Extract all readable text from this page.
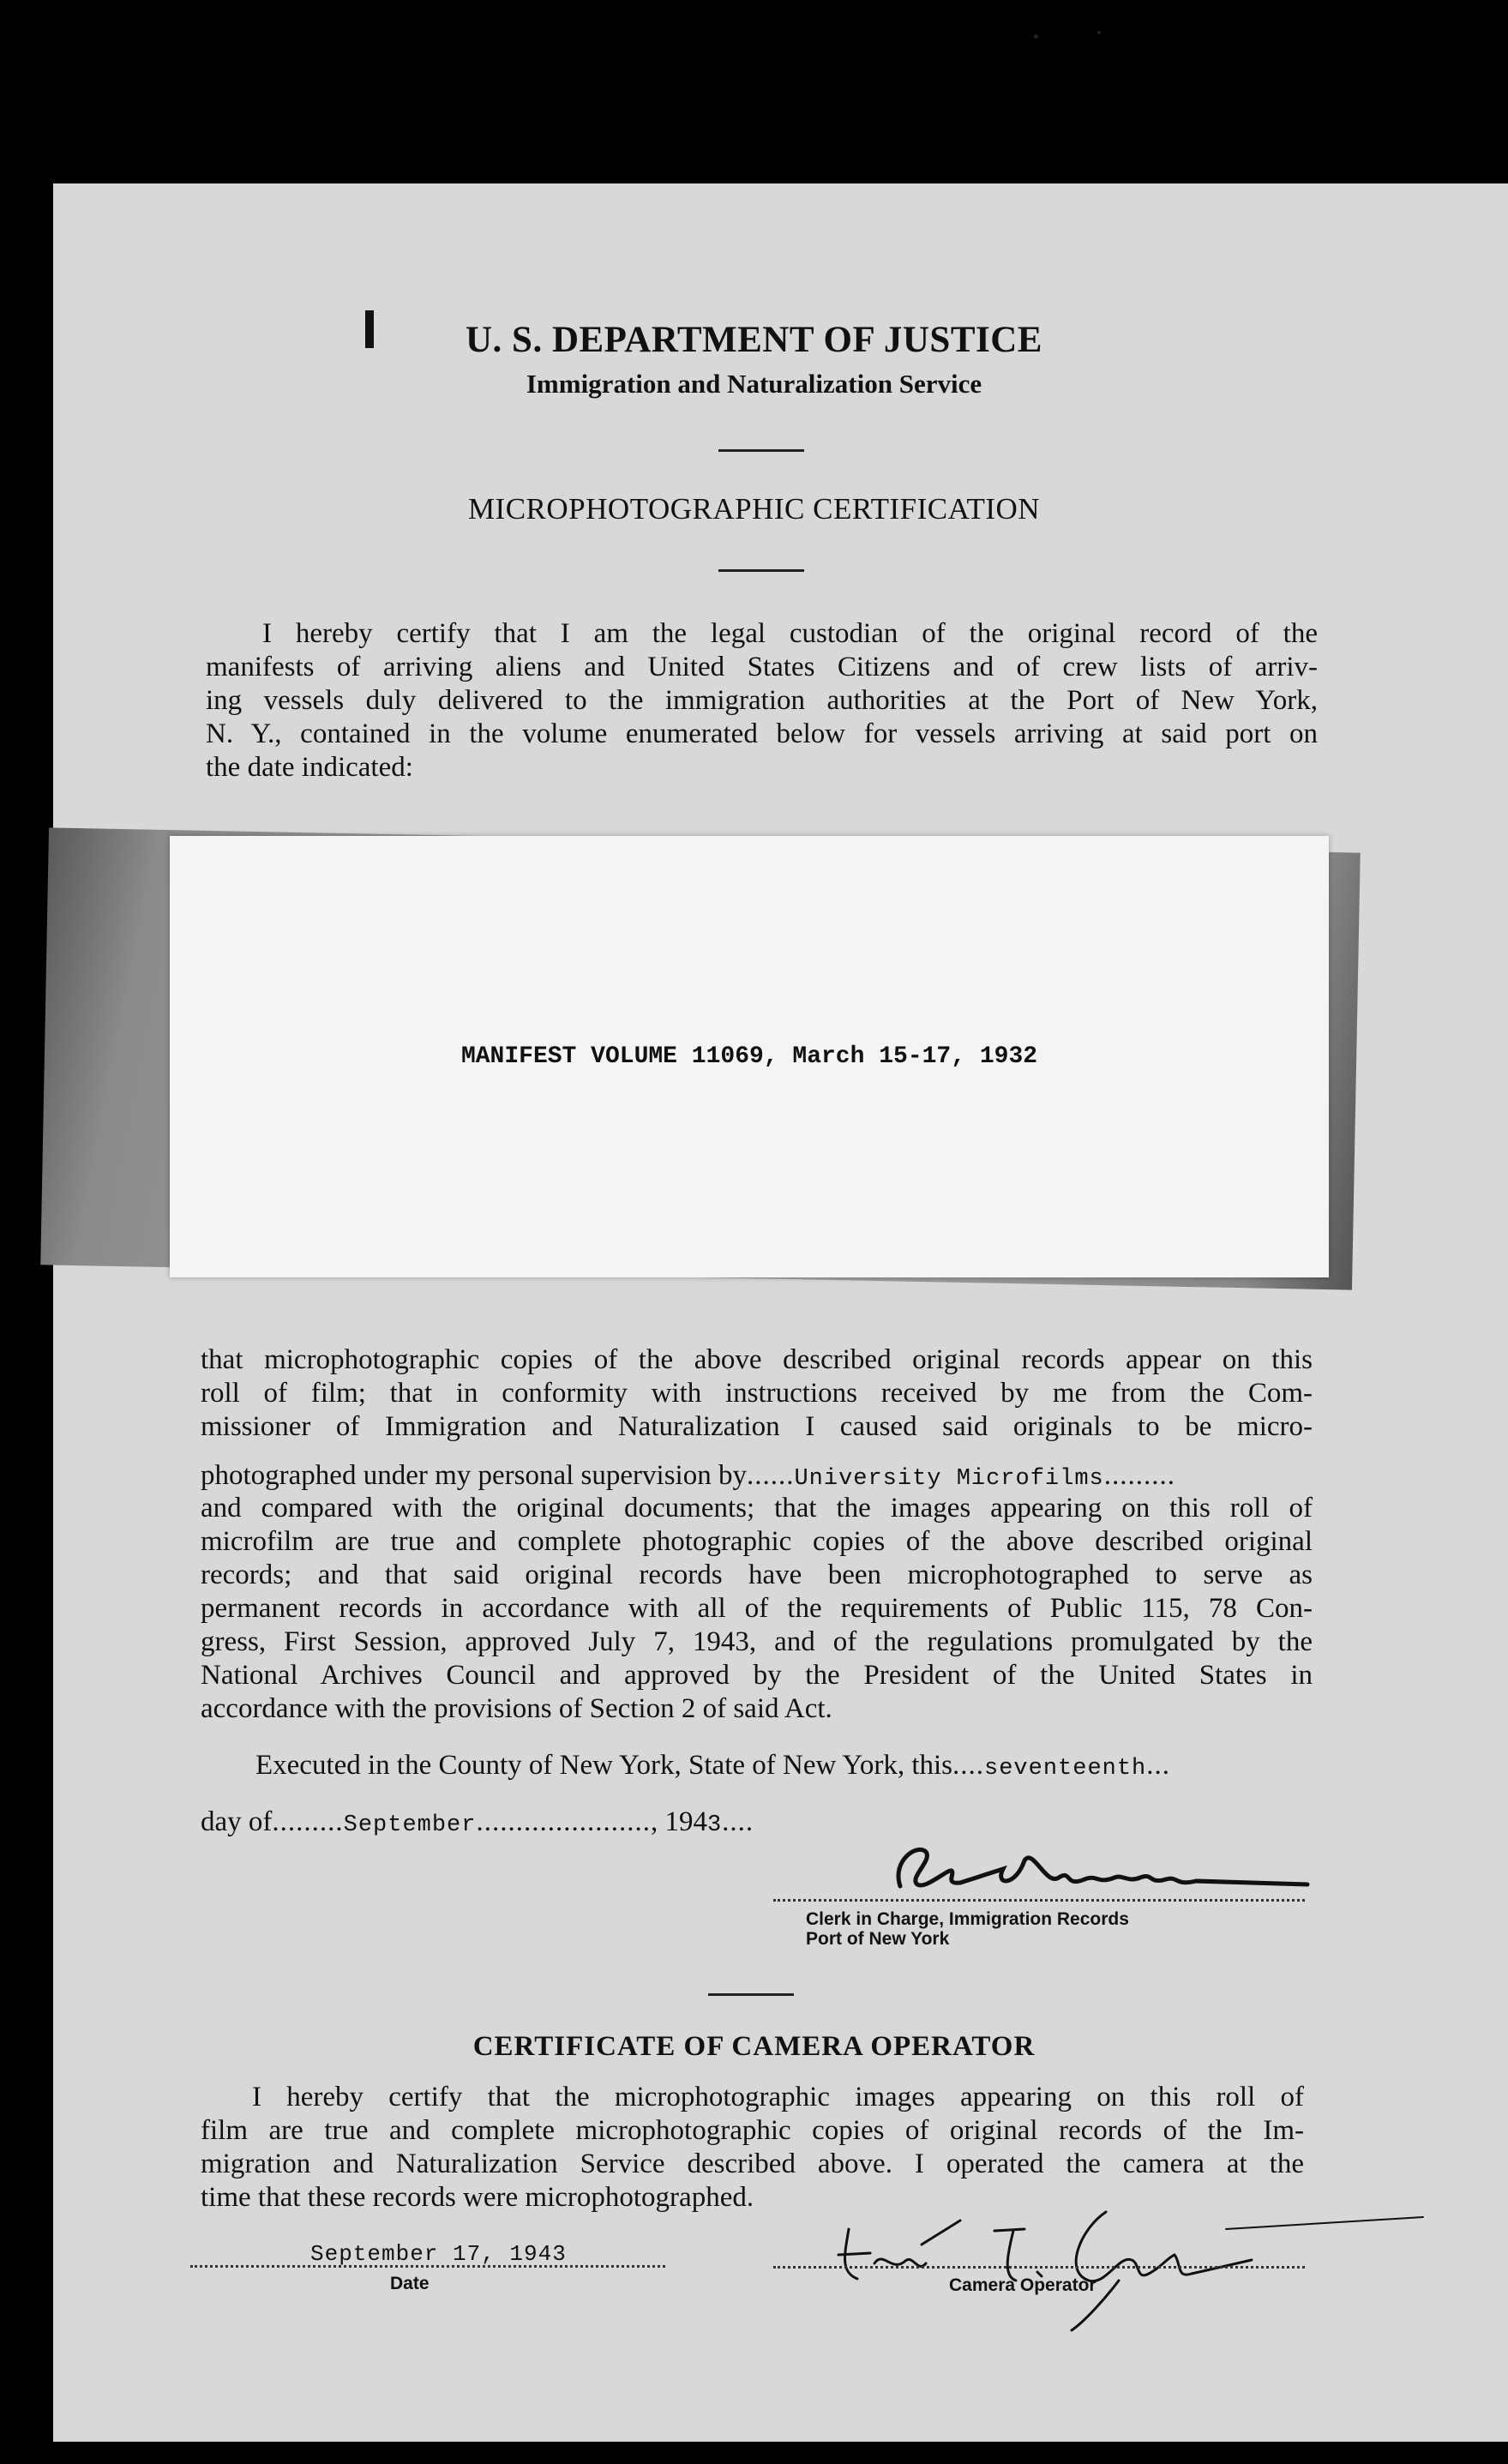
U. S. DEPARTMENT OF JUSTICE
Immigration and Naturalization Service
MICROPHOTOGRAPHIC CERTIFICATION
I hereby certify that I am the legal custodian of the original record of the
manifests of arriving aliens and United States Citizens and of crew lists of arriv-
ing vessels duly delivered to the immigration authorities at the Port of New York,
N. Y., contained in the volume enumerated below for vessels arriving at said port on
the date indicated:
MANIFEST VOLUME 11069, March 15-17, 1932
that microphotographic copies of the above described original records appear on this
roll of film; that in conformity with instructions received by me from the Com-
missioner of Immigration and Naturalization I caused said originals to be micro-
photographed under my personal supervision by......University Microfilms.........
and compared with the original documents; that the images appearing on this roll of
microfilm are true and complete photographic copies of the above described original
records; and that said original records have been microphotographed to serve as
permanent records in accordance with all of the requirements of Public 115, 78 Con-
gress, First Session, approved July 7, 1943, and of the regulations promulgated by the
National Archives Council and approved by the President of the United States in
accordance with the provisions of Section 2 of said Act.
Executed in the County of New York, State of New York, this....seventeenth...
day of.........September......................, 1943....
Clerk in Charge, Immigration Records
Port of New York
CERTIFICATE OF CAMERA OPERATOR
I hereby certify that the microphotographic images appearing on this roll of
film are true and complete microphotographic copies of original records of the Im-
migration and Naturalization Service described above. I operated the camera at the
time that these records were microphotographed.
September 17, 1943
Date	Camera Operator
